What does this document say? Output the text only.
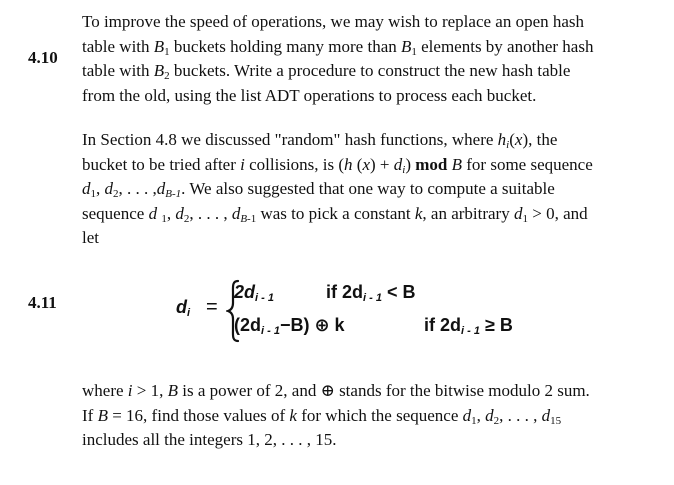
4.10
To improve the speed of operations, we may wish to replace an open hash
table with $B_1$ buckets holding many more than $B_1$ elements by another hash
table with $B_2$ buckets. Write a procedure to construct the new hash table
from the old, using the list ADT operations to process each bucket.
4.11
In Section 4.8 we discussed "random" hash functions, where $h_i(x)$, the
bucket to be tried after i collisions, is (h $(x) + d_i$) mod B for some sequence
$d_1$, $d_2$, . . . $,d_{B-1}$. We also suggested that one way to compute a suitable
sequence d $_1$, $d_2$, . . . , $d_{B-1}$ was to pick a constant k, an arbitrary $d_1 > 0$, and
let
$d_i$ =
$2d_{i - 1}$	if $2d_{i - 1} < B$
$(2d_{i - 1}-B)$ ⊕ k	if $2d_{i - 1} \ge B$
where i > 1, B is a power of 2, and ⊕ stands for the bitwise modulo 2 sum.
If B = 16, find those values of k for which the sequence $d_1$, $d_2$, . . . , $d_{15}$
includes all the integers 1, 2, . . . , 15.
